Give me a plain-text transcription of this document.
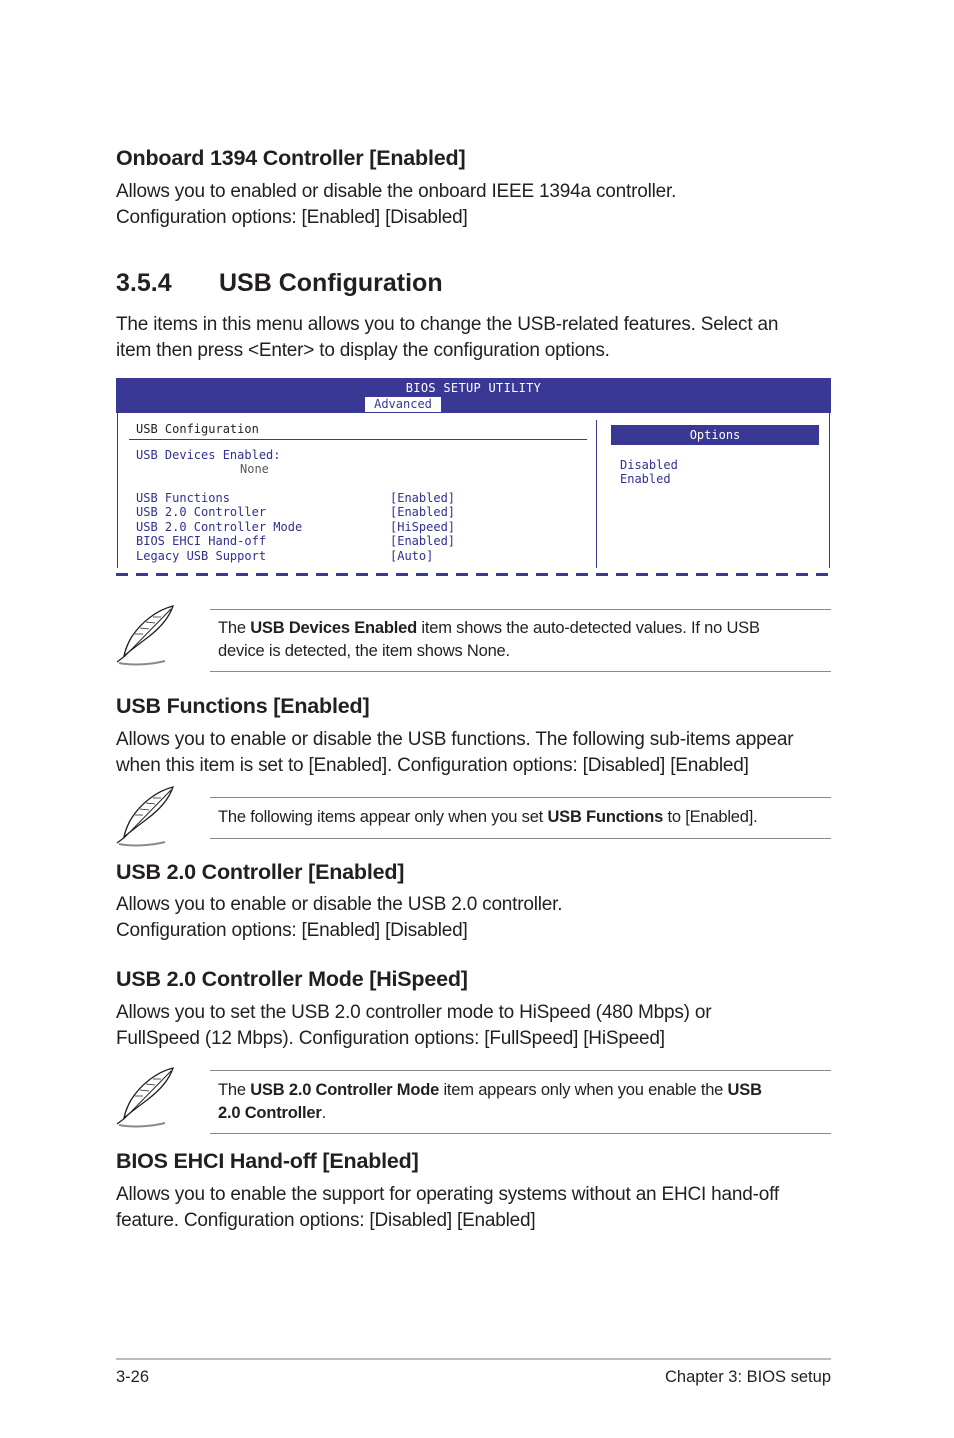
Onboard 1394 Controller [Enabled]

Allows you to enabled or disable the onboard IEEE 1394a controller.

Configuration options: [Enabled] [Disabled]

3.5.4 USB Configuration

The items in this menu allows you to change the USB-related features. Select an

item then press <Enter> to display the configuration options.

BIOS SETUP UTILITY
Advanced
USB Configuration
USB Devices Enabled:
None
USB Functions	[Enabled]
USB 2.0 Controller	[Enabled]
USB 2.0 Controller Mode	[HiSpeed]
BIOS EHCI Hand-off	[Enabled]
Legacy USB Support	[Auto]
Options
Disabled
Enabled

The USB Devices Enabled item shows the auto-detected values. If no USB
device is detected, the item shows None.

USB Functions [Enabled]

Allows you to enable or disable the USB functions. The following sub-items appear

when this item is set to [Enabled]. Configuration options: [Disabled] [Enabled]

The following items appear only when you set USB Functions to [Enabled].

USB 2.0 Controller [Enabled]

Allows you to enable or disable the USB 2.0 controller.

Configuration options: [Enabled] [Disabled]

USB 2.0 Controller Mode [HiSpeed]

Allows you to set the USB 2.0 controller mode to HiSpeed (480 Mbps) or

FullSpeed (12 Mbps). Configuration options: [FullSpeed] [HiSpeed]

The USB 2.0 Controller Mode item appears only when you enable the USB
2.0 Controller.

BIOS EHCI Hand-off [Enabled]

Allows you to enable the support for operating systems without an EHCI hand-off

feature. Configuration options: [Disabled] [Enabled]

3-26	Chapter 3: BIOS setup
